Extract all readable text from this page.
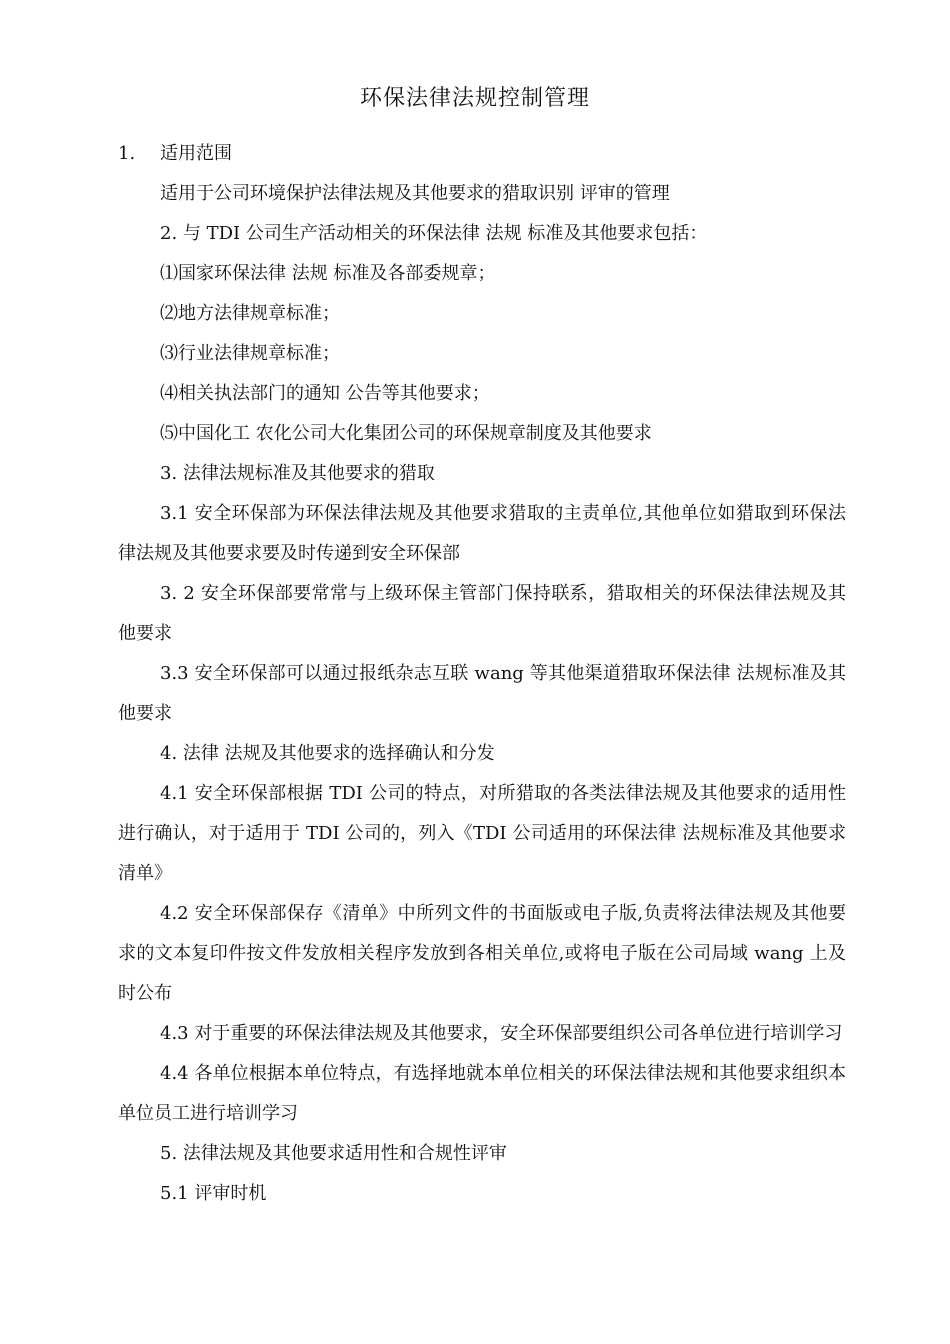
环保法律法规控制管理

1.	适用范围

适用于公司环境保护法律法规及其他要求的猎取识别 评审的管理

2. 与 TDI 公司生产活动相关的环保法律 法规 标准及其他要求包括：

⑴国家环保法律 法规 标准及各部委规章；

⑵地方法律规章标准；

⑶行业法律规章标准；

⑷相关执法部门的通知 公告等其他要求；

⑸中国化工 农化公司大化集团公司的环保规章制度及其他要求

3. 法律法规标准及其他要求的猎取

3.1 安全环保部为环保法律法规及其他要求猎取的主责单位,其他单位如猎取到环保法律法规及其他要求要及时传递到安全环保部

3. 2 安全环保部要常常与上级环保主管部门保持联系，猎取相关的环保法律法规及其他要求

3.3 安全环保部可以通过报纸杂志互联 wang 等其他渠道猎取环保法律 法规标准及其他要求

4. 法律 法规及其他要求的选择确认和分发

4.1 安全环保部根据 TDI 公司的特点，对所猎取的各类法律法规及其他要求的适用性进行确认，对于适用于 TDI 公司的，列入《TDI 公司适用的环保法律 法规标准及其他要求清单》

4.2 安全环保部保存《清单》中所列文件的书面版或电子版,负责将法律法规及其他要求的文本复印件按文件发放相关程序发放到各相关单位,或将电子版在公司局域 wang 上及时公布

4.3 对于重要的环保法律法规及其他要求，安全环保部要组织公司各单位进行培训学习

4.4 各单位根据本单位特点，有选择地就本单位相关的环保法律法规和其他要求组织本单位员工进行培训学习

5. 法律法规及其他要求适用性和合规性评审

5.1 评审时机
